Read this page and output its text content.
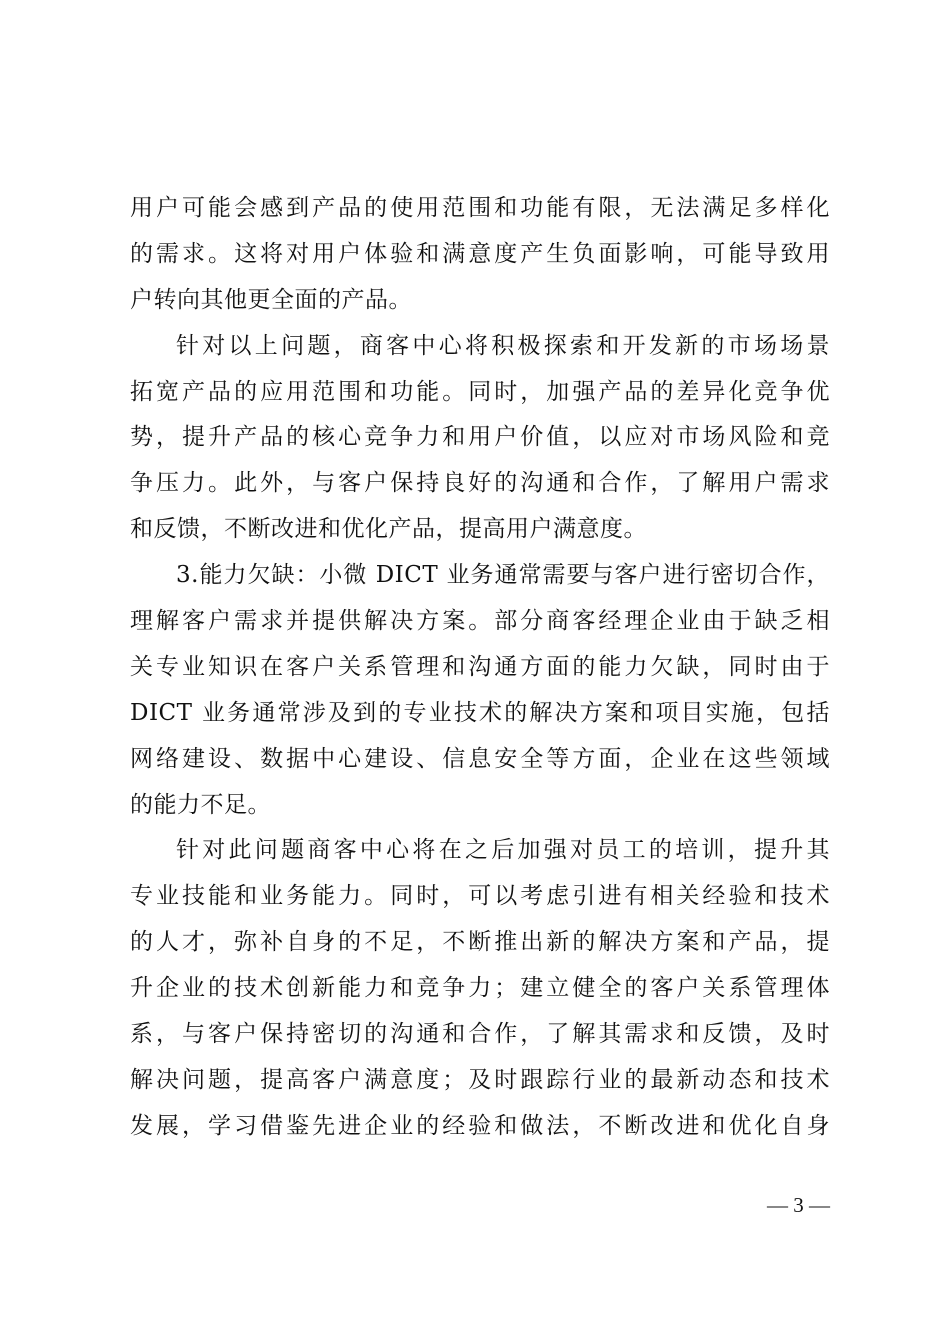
用户可能会感到产品的使用范围和功能有限，无法满足多样化
的需求。这将对用户体验和满意度产生负面影响，可能导致用
户转向其他更全面的产品。
针对以上问题，商客中心将积极探索和开发新的市场场景
拓宽产品的应用范围和功能。同时，加强产品的差异化竞争优
势，提升产品的核心竞争力和用户价值，以应对市场风险和竞
争压力。此外，与客户保持良好的沟通和合作，了解用户需求
和反馈，不断改进和优化产品，提高用户满意度。
3.能力欠缺：小微 DICT 业务通常需要与客户进行密切合作，
理解客户需求并提供解决方案。部分商客经理企业由于缺乏相
关专业知识在客户关系管理和沟通方面的能力欠缺，同时由于
DICT 业务通常涉及到的专业技术的解决方案和项目实施，包括
网络建设、数据中心建设、信息安全等方面，企业在这些领域
的能力不足。
针对此问题商客中心将在之后加强对员工的培训，提升其
专业技能和业务能力。同时，可以考虑引进有相关经验和技术
的人才，弥补自身的不足，不断推出新的解决方案和产品，提
升企业的技术创新能力和竞争力；建立健全的客户关系管理体
系，与客户保持密切的沟通和合作，了解其需求和反馈，及时
解决问题，提高客户满意度；及时跟踪行业的最新动态和技术
发展，学习借鉴先进企业的经验和做法，不断改进和优化自身
— 3 —
